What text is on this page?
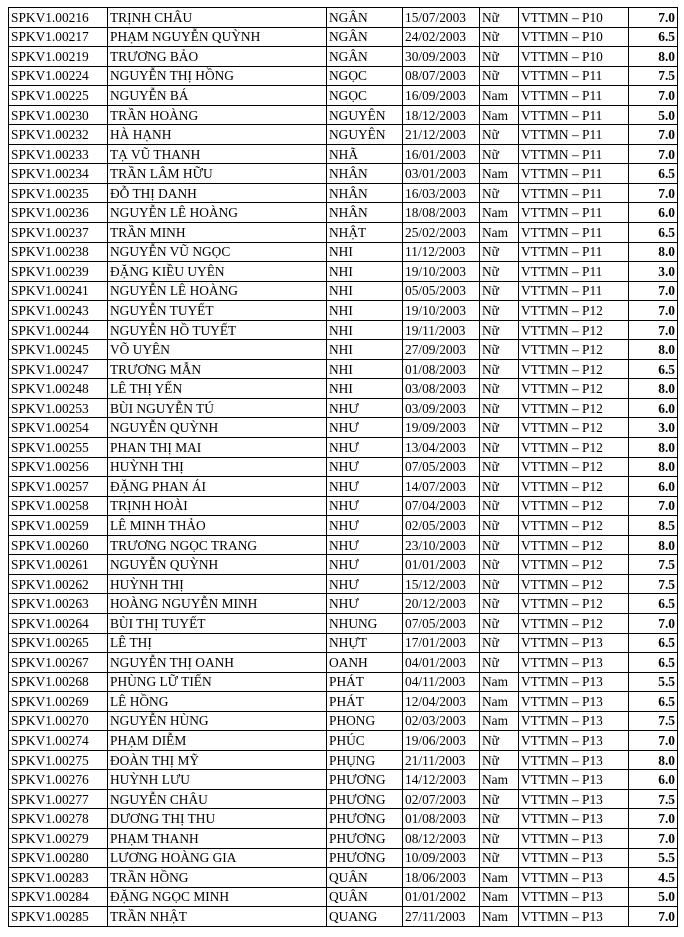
SPKV1.00216	TRỊNH CHÂU	NGÂN	15/07/2003	Nữ	VTTMN – P10	7.0
SPKV1.00217	PHẠM NGUYỄN QUỲNH	NGÂN	24/02/2003	Nữ	VTTMN – P10	6.5
SPKV1.00219	TRƯƠNG BẢO	NGÂN	30/09/2003	Nữ	VTTMN – P10	8.0
SPKV1.00224	NGUYỄN THỊ HỒNG	NGỌC	08/07/2003	Nữ	VTTMN – P11	7.5
SPKV1.00225	NGUYỄN BÁ	NGỌC	16/09/2003	Nam	VTTMN – P11	7.0
SPKV1.00230	TRẦN HOÀNG	NGUYÊN	18/12/2003	Nam	VTTMN – P11	5.0
SPKV1.00232	HÀ HẠNH	NGUYÊN	21/12/2003	Nữ	VTTMN – P11	7.0
SPKV1.00233	TẠ VŨ THANH	NHÃ	16/01/2003	Nữ	VTTMN – P11	7.0
SPKV1.00234	TRẦN LÂM HỮU	NHÂN	03/01/2003	Nam	VTTMN – P11	6.5
SPKV1.00235	ĐỖ THỊ DANH	NHÂN	16/03/2003	Nữ	VTTMN – P11	7.0
SPKV1.00236	NGUYỄN LÊ HOÀNG	NHÂN	18/08/2003	Nam	VTTMN – P11	6.0
SPKV1.00237	TRẦN MINH	NHẬT	25/02/2003	Nam	VTTMN – P11	6.5
SPKV1.00238	NGUYỄN VŨ NGỌC	NHI	11/12/2003	Nữ	VTTMN – P11	8.0
SPKV1.00239	ĐẶNG KIỀU UYÊN	NHI	19/10/2003	Nữ	VTTMN – P11	3.0
SPKV1.00241	NGUYỄN LÊ HOÀNG	NHI	05/05/2003	Nữ	VTTMN – P11	7.0
SPKV1.00243	NGUYỄN TUYẾT	NHI	19/10/2003	Nữ	VTTMN – P12	7.0
SPKV1.00244	NGUYỄN HỒ TUYẾT	NHI	19/11/2003	Nữ	VTTMN – P12	7.0
SPKV1.00245	VÕ UYÊN	NHI	27/09/2003	Nữ	VTTMN – P12	8.0
SPKV1.00247	TRƯƠNG MẪN	NHI	01/08/2003	Nữ	VTTMN – P12	6.5
SPKV1.00248	LÊ THỊ YẾN	NHI	03/08/2003	Nữ	VTTMN – P12	8.0
SPKV1.00253	BÙI NGUYỄN TÚ	NHƯ	03/09/2003	Nữ	VTTMN – P12	6.0
SPKV1.00254	NGUYỄN QUỲNH	NHƯ	19/09/2003	Nữ	VTTMN – P12	3.0
SPKV1.00255	PHAN THỊ MAI	NHƯ	13/04/2003	Nữ	VTTMN – P12	8.0
SPKV1.00256	HUỲNH THỊ	NHƯ	07/05/2003	Nữ	VTTMN – P12	8.0
SPKV1.00257	ĐẶNG PHAN ÁI	NHƯ	14/07/2003	Nữ	VTTMN – P12	6.0
SPKV1.00258	TRỊNH HOÀI	NHƯ	07/04/2003	Nữ	VTTMN – P12	7.0
SPKV1.00259	LÊ MINH THẢO	NHƯ	02/05/2003	Nữ	VTTMN – P12	8.5
SPKV1.00260	TRƯƠNG NGỌC TRANG	NHƯ	23/10/2003	Nữ	VTTMN – P12	8.0
SPKV1.00261	NGUYỄN QUỲNH	NHƯ	01/01/2003	Nữ	VTTMN – P12	7.5
SPKV1.00262	HUỲNH THỊ	NHƯ	15/12/2003	Nữ	VTTMN – P12	7.5
SPKV1.00263	HOÀNG NGUYỄN MINH	NHƯ	20/12/2003	Nữ	VTTMN – P12	6.5
SPKV1.00264	BÙI THỊ TUYẾT	NHUNG	07/05/2003	Nữ	VTTMN – P12	7.0
SPKV1.00265	LÊ THỊ	NHỰT	17/01/2003	Nữ	VTTMN – P13	6.5
SPKV1.00267	NGUYỄN THỊ OANH	OANH	04/01/2003	Nữ	VTTMN – P13	6.5
SPKV1.00268	PHÙNG LỮ TIẾN	PHÁT	04/11/2003	Nam	VTTMN – P13	5.5
SPKV1.00269	LÊ HỒNG	PHÁT	12/04/2003	Nam	VTTMN – P13	6.5
SPKV1.00270	NGUYỄN HÙNG	PHONG	02/03/2003	Nam	VTTMN – P13	7.5
SPKV1.00274	PHẠM DIỄM	PHÚC	19/06/2003	Nữ	VTTMN – P13	7.0
SPKV1.00275	ĐOÀN THỊ MỸ	PHỤNG	21/11/2003	Nữ	VTTMN – P13	8.0
SPKV1.00276	HUỲNH LƯU	PHƯƠNG	14/12/2003	Nam	VTTMN – P13	6.0
SPKV1.00277	NGUYỄN CHÂU	PHƯƠNG	02/07/2003	Nữ	VTTMN – P13	7.5
SPKV1.00278	DƯƠNG THỊ THU	PHƯƠNG	01/08/2003	Nữ	VTTMN – P13	7.0
SPKV1.00279	PHẠM THANH	PHƯƠNG	08/12/2003	Nữ	VTTMN – P13	7.0
SPKV1.00280	LƯƠNG HOÀNG GIA	PHƯƠNG	10/09/2003	Nữ	VTTMN – P13	5.5
SPKV1.00283	TRẦN HỒNG	QUÂN	18/06/2003	Nam	VTTMN – P13	4.5
SPKV1.00284	ĐẶNG NGỌC MINH	QUÂN	01/01/2002	Nam	VTTMN – P13	5.0
SPKV1.00285	TRẦN NHẬT	QUANG	27/11/2003	Nam	VTTMN – P13	7.0
